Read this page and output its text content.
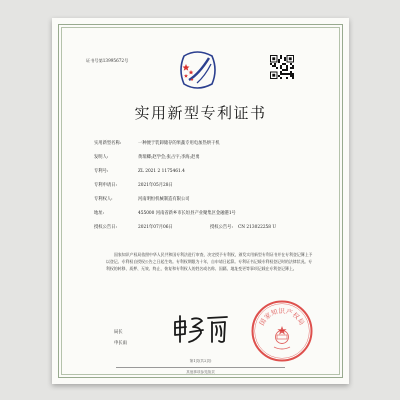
证书号第13995672号
实用新型专利证书
实用新型名称:	一种便于装卸储存的果蔬专用电加热烘干机
发明人:	黄瑞卿;赵学会;张占宇;李海;赵勇
专利号:	ZL 2021 2 1175461.4
专利申请日:	2021年05月28日
专利权人:	河南明恒机械制造有限公司
地址:	455000 河南省新乡市长垣县产业聚集区金融港1号
授权公告日:	2021年07月06日	授权公告号: CN 213022258 U
国家知识产权局依照中华人民共和国专利法进行审查，决定授予专利权，颁发实用新型专利证书并在专利登记簿上予以登记。专利权自授权公告之日起生效。专利权期限为十年，自申请日起算。专利证书记载专利权登记时的法律状况。专利权的转移、质押、无效、终止、恢复和专利权人的姓名或名称、国籍、地址变更等事项记载在专利登记簿上。
局长
申长雨
国家知识产权局
第1页(共2页)
其他事项参见续页
